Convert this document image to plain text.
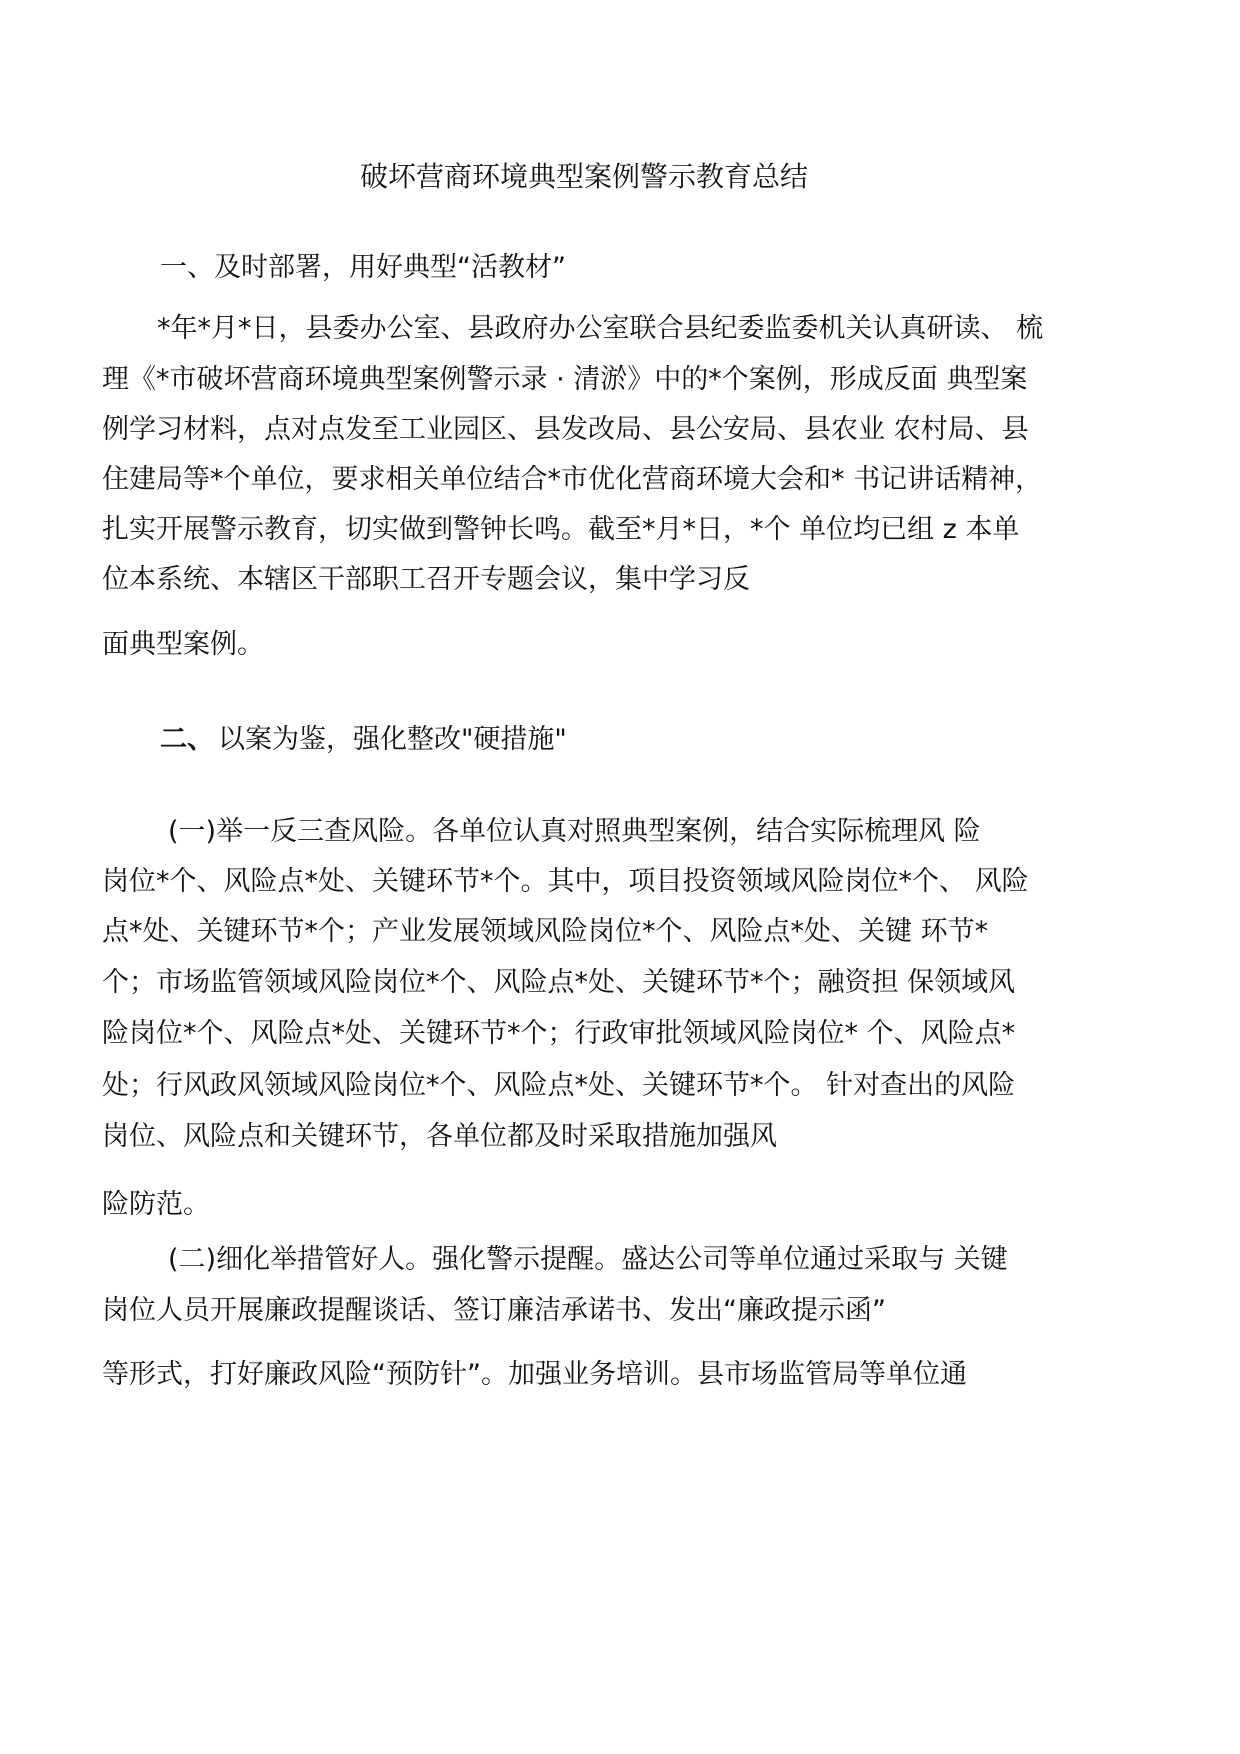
破坏营商环境典型案例警示教育总结

一、及时部署，用好典型“活教材”

*年*月*日，县委办公室、县政府办公室联合县纪委监委机关认真研读、 梳

理《*市破坏营商环境典型案例警示录 · 清淤》中的*个案例，形成反面 典型案

例学习材料，点对点发至工业园区、县发改局、县公安局、县农业 农村局、县

住建局等*个单位，要求相关单位结合*市优化营商环境大会和* 书记讲话精神，

扎实开展警示教育，切实做到警钟长鸣。截至*月*日，*个 单位均已组 z 本单

位本系统、本辖区干部职工召开专题会议，集中学习反

面典型案例。

二、 以案为鉴，强化整改"硬措施"

(一)举一反三查风险。各单位认真对照典型案例，结合实际梳理风 险

岗位*个、风险点*处、关键环节*个。其中，项目投资领域风险岗位*个、 风险

点*处、关键环节*个；产业发展领域风险岗位*个、风险点*处、关键 环节*

个；市场监管领域风险岗位*个、风险点*处、关键环节*个；融资担 保领域风

险岗位*个、风险点*处、关键环节*个；行政审批领域风险岗位* 个、风险点*

处；行风政风领域风险岗位*个、风险点*处、关键环节*个。 针对查出的风险

岗位、风险点和关键环节，各单位都及时采取措施加强风

险防范。

(二)细化举措管好人。强化警示提醒。盛达公司等单位通过采取与 关键

岗位人员开展廉政提醒谈话、签订廉洁承诺书、发出“廉政提示函”

等形式，打好廉政风险“预防针”。加强业务培训。县市场监管局等单位通
